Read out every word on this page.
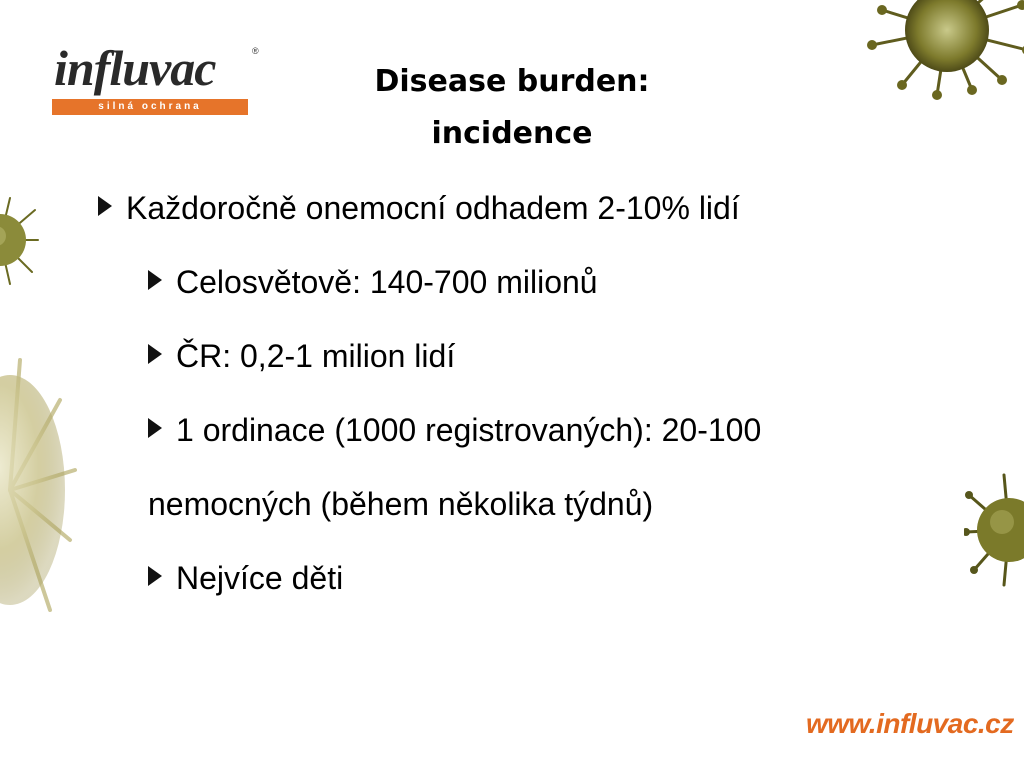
influvac	®
silná ochrana
Disease burden:
incidence
Každoročně onemocní odhadem 2-10% lidí
Celosvětově: 140-700 milionů
ČR: 0,2-1 milion lidí
1 ordinace (1000 registrovaných): 20-100
nemocných (během několika týdnů)
Nejvíce děti
www.influvac.cz
